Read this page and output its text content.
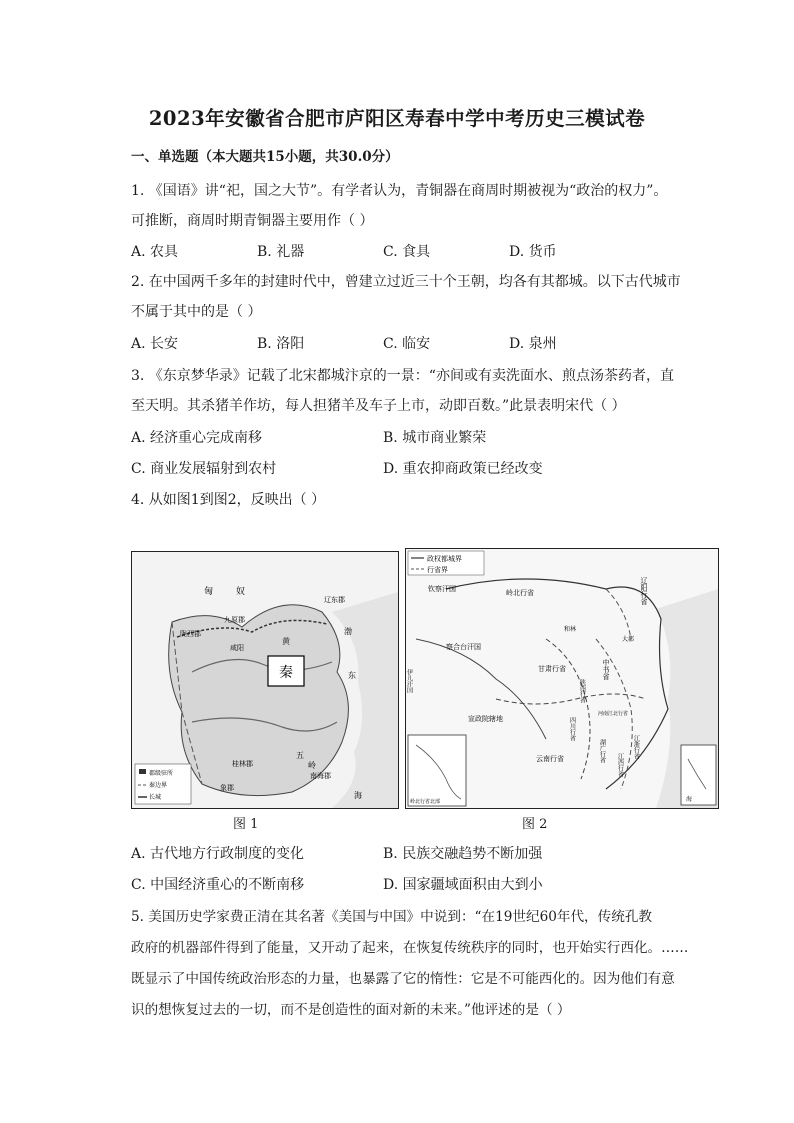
2023年安徽省合肥市庐阳区寿春中学中考历史三模试卷
一、单选题（本大题共15小题，共30.0分）
1. 《国语》讲“祀，国之大节”。有学者认为，青铜器在商周时期被视为“政治的权力”。
可推断，商周时期青铜器主要用作（ ）
A. 农具	B. 礼器	C. 食具	D. 货币
2. 在中国两千多年的封建时代中，曾建立过近三十个王朝，均各有其都城。以下古代城市
不属于其中的是（ ）
A. 长安	B. 洛阳	C. 临安	D. 泉州
3. 《东京梦华录》记载了北宋都城汴京的一景：“亦间或有卖洗面水、煎点汤茶药者，直
至天明。其杀猪羊作坊，每人担猪羊及车子上市，动即百数。”此景表明宋代（ ）
A. 经济重心完成南移	B. 城市商业繁荣
C. 商业发展辐射到农村	D. 重农抑商政策已经改变
4. 从如图1到图2，反映出（ ）
秦
匈	奴
九原郡
辽东郡
陇西郡
咸阳
渤
东
黄
桂林郡
象郡
南海郡
五
岭
海
郡级驻所
秦边界
长城
政权都城界
行省界
钦察汗国	岭北行省	辽阳行省
和林
察合台汗国
伊儿汗国	甘肃行省	中书省
大都
陕西行省
河南江北行省
四川行省
宣政院辖地
湖广行省	江浙行省
江西行省
云南行省
岭北行省北部	海
图 1	图 2
A. 古代地方行政制度的变化	B. 民族交融趋势不断加强
C. 中国经济重心的不断南移	D. 国家疆域面积由大到小
5. 美国历史学家费正清在其名著《美国与中国》中说到：“在19世纪60年代，传统孔教
政府的机器部件得到了能量，又开动了起来，在恢复传统秩序的同时，也开始实行西化。……
既显示了中国传统政治形态的力量，也暴露了它的惰性：它是不可能西化的。因为他们有意
识的想恢复过去的一切，而不是创造性的面对新的未来。”他评述的是（ ）
